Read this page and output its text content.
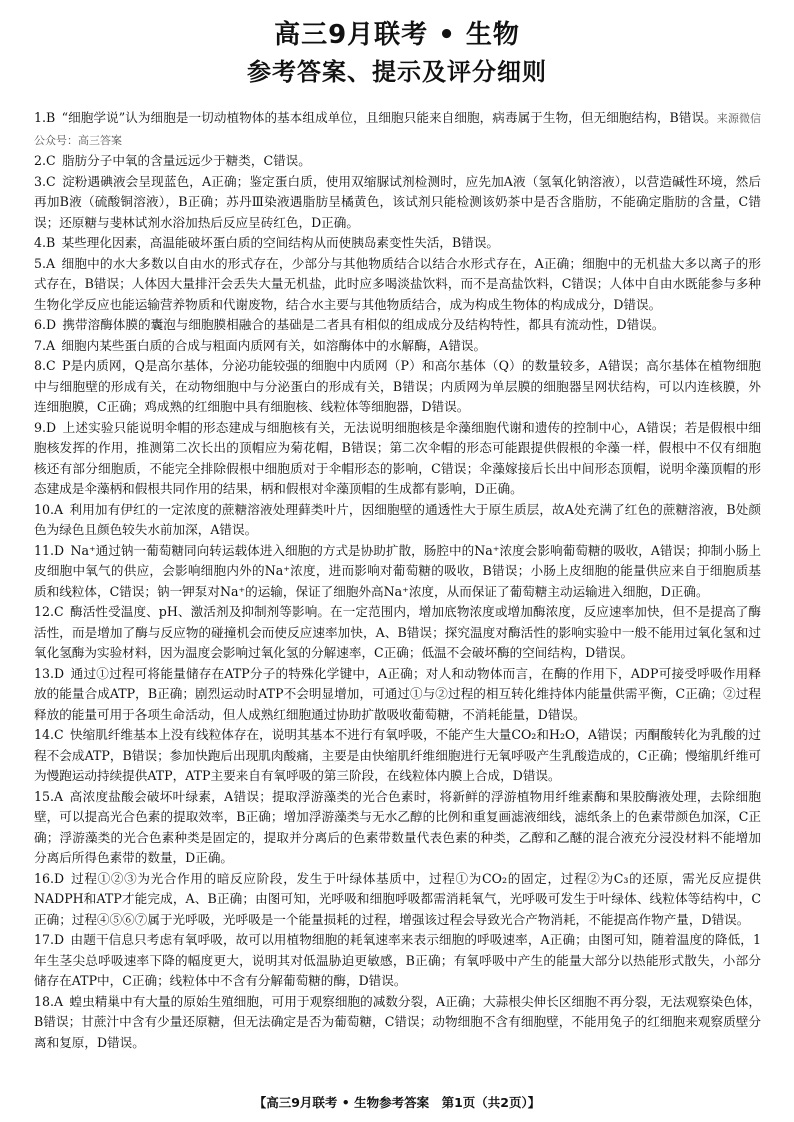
高三9月联考 • 生物
参考答案、提示及评分细则
1.B  “细胞学说”认为细胞是一切动植物体的基本组成单位，且细胞只能来自细胞，病毒属于生物，但无细胞结构，B错误。来源微信公众号：高三答案
2.C  脂肪分子中氧的含量远远少于糖类，C错误。
3.C  淀粉遇碘液会呈现蓝色，A正确；鉴定蛋白质，使用双缩脲试剂检测时，应先加A液（氢氧化钠溶液），以营造碱性环境，然后再加B液（硫酸铜溶液），B正确；苏丹Ⅲ染液遇脂肪呈橘黄色，该试剂只能检测该奶茶中是否含脂肪，不能确定脂肪的含量，C错误；还原糖与斐林试剂水浴加热后反应呈砖红色，D正确。
4.B  某些理化因素，高温能破坏蛋白质的空间结构从而使胰岛素变性失活，B错误。
5.A  细胞中的水大多数以自由水的形式存在，少部分与其他物质结合以结合水形式存在，A正确；细胞中的无机盐大多以离子的形式存在，B错误；人体因大量排汗会丢失大量无机盐，此时应多喝淡盐饮料，而不是高盐饮料，C错误；人体中自由水既能参与多种生物化学反应也能运输营养物质和代谢废物，结合水主要与其他物质结合，成为构成生物体的构成成分，D错误。
6.D  携带溶酶体膜的囊泡与细胞膜相融合的基础是二者具有相似的组成成分及结构特性，都具有流动性，D错误。
7.A  细胞内某些蛋白质的合成与粗面内质网有关，如溶酶体中的水解酶，A错误。
8.C  P是内质网，Q是高尔基体，分泌功能较强的细胞中内质网（P）和高尔基体（Q）的数量较多，A错误；高尔基体在植物细胞中与细胞壁的形成有关，在动物细胞中与分泌蛋白的形成有关，B错误；内质网为单层膜的细胞器呈网状结构，可以内连核膜，外连细胞膜，C正确；鸡成熟的红细胞中具有细胞核、线粒体等细胞器，D错误。
9.D  上述实验只能说明伞帽的形态建成与细胞核有关，无法说明细胞核是伞藻细胞代谢和遗传的控制中心，A错误；若是假根中细胞核发挥的作用，推测第二次长出的顶帽应为菊花帽，B错误；第二次伞帽的形态可能跟提供假根的伞藻一样，假根中不仅有细胞核还有部分细胞质，不能完全排除假根中细胞质对于伞帽形态的影响，C错误；伞藻嫁接后长出中间形态顶帽，说明伞藻顶帽的形态建成是伞藻柄和假根共同作用的结果，柄和假根对伞藻顶帽的生成都有影响，D正确。
10.A  利用加有伊红的一定浓度的蔗糖溶液处理藓类叶片，因细胞壁的通透性大于原生质层，故A处充满了红色的蔗糖溶液，B处颜色为绿色且颜色较失水前加深，A错误。
11.D  Na⁺通过钠一葡萄糖同向转运载体进入细胞的方式是协助扩散，肠腔中的Na⁺浓度会影响葡萄糖的吸收，A错误；抑制小肠上皮细胞中氧气的供应，会影响细胞内外的Na⁺浓度，进而影响对葡萄糖的吸收，B错误；小肠上皮细胞的能量供应来自于细胞质基质和线粒体，C错误；钠一钾泵对Na⁺的运输，保证了细胞外高Na⁺浓度，从而保证了葡萄糖主动运输进入细胞，D正确。
12.C  酶活性受温度、pH、激活剂及抑制剂等影响。在一定范围内，增加底物浓度或增加酶浓度，反应速率加快，但不是提高了酶活性，而是增加了酶与反应物的碰撞机会而使反应速率加快，A、B错误；探究温度对酶活性的影响实验中一般不能用过氧化氢和过氧化氢酶为实验材料，因为温度会影响过氧化氢的分解速率，C正确；低温不会破坏酶的空间结构，D错误。
13.D  通过①过程可将能量储存在ATP分子的特殊化学键中，A正确；对人和动物体而言，在酶的作用下，ADP可接受呼吸作用释放的能量合成ATP，B正确；剧烈运动时ATP不会明显增加，可通过①与②过程的相互转化维持体内能量供需平衡，C正确；②过程释放的能量可用于各项生命活动，但人成熟红细胞通过协助扩散吸收葡萄糖，不消耗能量，D错误。
14.C  快缩肌纤维基本上没有线粒体存在，说明其基本不进行有氧呼吸，不能产生大量CO₂和H₂O，A错误；丙酮酸转化为乳酸的过程不会成ATP，B错误；参加快跑后出现肌肉酸痛，主要是由快缩肌纤维细胞进行无氧呼吸产生乳酸造成的，C正确；慢缩肌纤维可为慢跑运动持续提供ATP，ATP主要来自有氧呼吸的第三阶段，在线粒体内膜上合成，D错误。
15.A  高浓度盐酸会破坏叶绿素，A错误；提取浮游藻类的光合色素时，将新鲜的浮游植物用纤维素酶和果胶酶液处理，去除细胞壁，可以提高光合色素的提取效率，B正确；增加浮游藻类与无水乙醇的比例和重复画滤液细线，滤纸条上的色素带颜色加深，C正确；浮游藻类的光合色素种类是固定的，提取并分离后的色素带数量代表色素的种类，乙醇和乙醚的混合液充分浸没材料不能增加分离后所得色素带的数量，D正确。
16.D  过程①②③为光合作用的暗反应阶段，发生于叶绿体基质中，过程①为CO₂的固定，过程②为C₃的还原，需光反应提供NADPH和ATP才能完成，A、B正确；由图可知，光呼吸和细胞呼吸都需消耗氧气，光呼吸可发生于叶绿体、线粒体等结构中，C正确；过程④⑤⑥⑦属于光呼吸，光呼吸是一个能量损耗的过程，增强该过程会导致光合产物消耗，不能提高作物产量，D错误。
17.D  由题干信息只考虑有氧呼吸，故可以用植物细胞的耗氧速率来表示细胞的呼吸速率，A正确；由图可知，随着温度的降低，1年生茎尖总呼吸速率下降的幅度更大，说明其对低温胁迫更敏感，B正确；有氧呼吸中产生的能量大部分以热能形式散失，小部分储存在ATP中，C正确；线粒体中不含有分解葡萄糖的酶，D错误。
18.A  蝗虫精巢中有大量的原始生殖细胞，可用于观察细胞的减数分裂，A正确；大蒜根尖伸长区细胞不再分裂，无法观察染色体，B错误；甘蔗汁中含有少量还原糖，但无法确定是否为葡萄糖，C错误；动物细胞不含有细胞壁，不能用兔子的红细胞来观察质壁分离和复原，D错误。
【高三9月联考 • 生物参考答案　第1页（共2页）】
